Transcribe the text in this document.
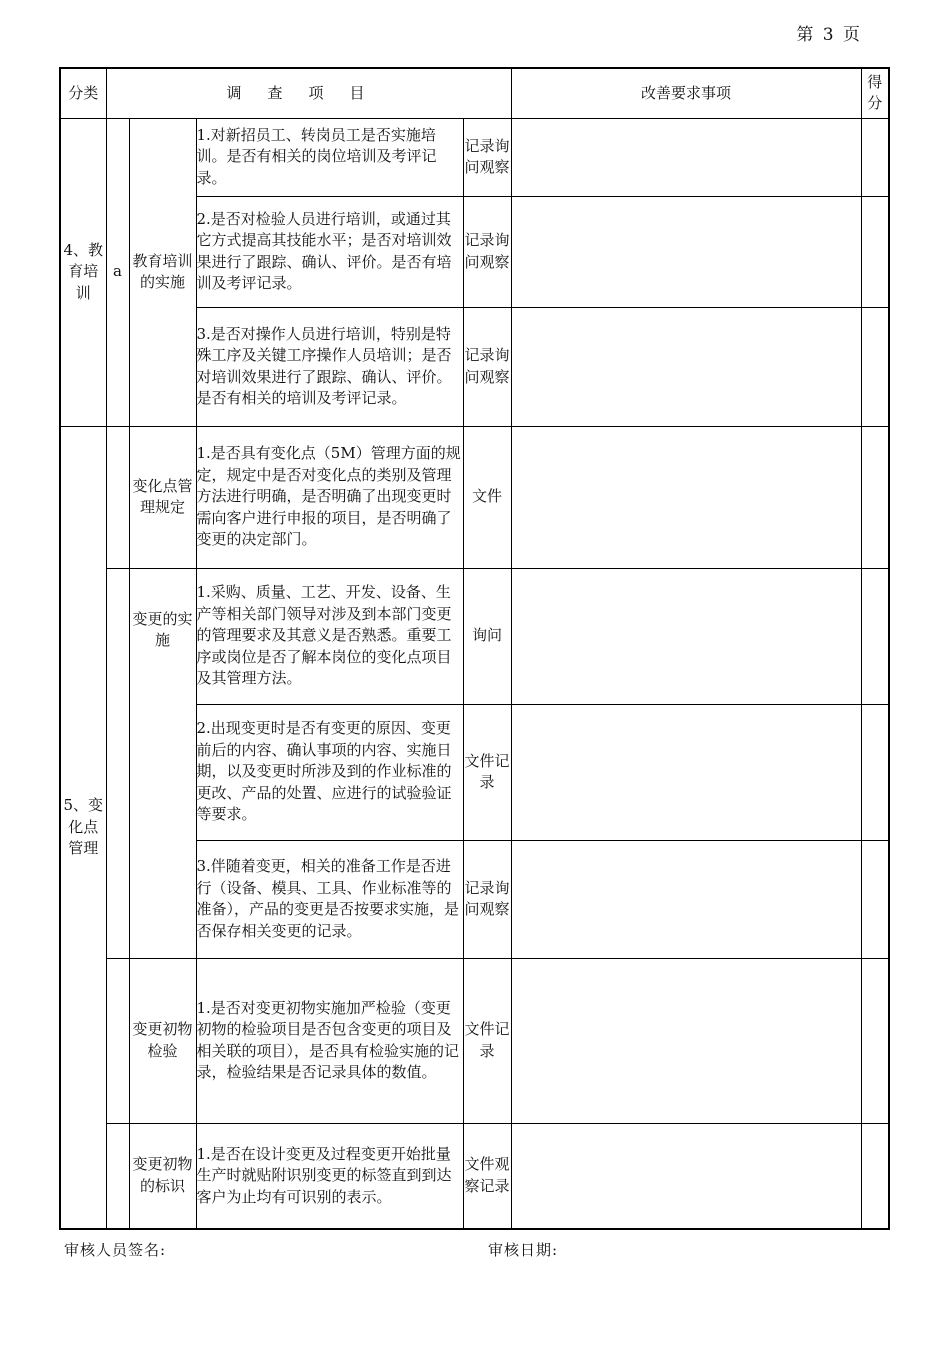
第 3 页
分类	调查项目				改善要求事项	得分
4、教育培训	a	教育培训的实施	1.对新招员工、转岗员工是否实施培训。是否有相关的岗位培训及考评记录。	记录询问观察		
			2.是否对检验人员进行培训，或通过其它方式提高其技能水平；是否对培训效果进行了跟踪、确认、评价。是否有培训及考评记录。	记录询问观察		
			3.是否对操作人员进行培训，特别是特殊工序及关键工序操作人员培训；是否对培训效果进行了跟踪、确认、评价。是否有相关的培训及考评记录。	记录询问观察		
5、变化点管理		变化点管理规定	1.是否具有变化点（5M）管理方面的规定，规定中是否对变化点的类别及管理方法进行明确，是否明确了出现变更时需向客户进行申报的项目，是否明确了变更的决定部门。	文件		
		变更的实施	1.采购、质量、工艺、开发、设备、生产等相关部门领导对涉及到本部门变更的管理要求及其意义是否熟悉。重要工序或岗位是否了解本岗位的变化点项目及其管理方法。	询问		
			2.出现变更时是否有变更的原因、变更前后的内容、确认事项的内容、实施日期，以及变更时所涉及到的作业标准的更改、产品的处置、应进行的试验验证等要求。	文件记录		
			3.伴随着变更，相关的准备工作是否进行（设备、模具、工具、作业标准等的准备），产品的变更是否按要求实施，是否保存相关变更的记录。	记录询问观察		
		变更初物检验	1.是否对变更初物实施加严检验（变更初物的检验项目是否包含变更的项目及相关联的项目），是否具有检验实施的记录，检验结果是否记录具体的数值。	文件记录		
		变更初物的标识	1.是否在设计变更及过程变更开始批量生产时就贴附识别变更的标签直到到达客户为止均有可识别的表示。	文件观察记录		
审核人员签名:	审核日期:
